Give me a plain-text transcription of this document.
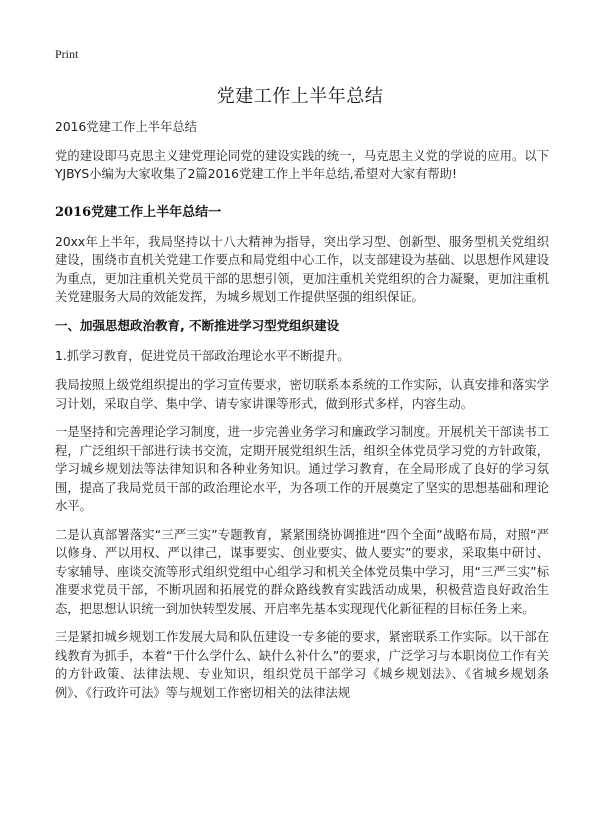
Print
党建工作上半年总结

2016党建工作上半年总结

党的建设即马克思主义建党理论同党的建设实践的统一，马克思主义党的学说的应用。以下YJBYS小编为大家收集了2篇2016党建工作上半年总结,希望对大家有帮助!

2016党建工作上半年总结一

20xx年上半年，我局坚持以十八大精神为指导，突出学习型、创新型、服务型机关党组织建设，围绕市直机关党建工作要点和局党组中心工作，以支部建设为基础、以思想作风建设为重点，更加注重机关党员干部的思想引领，更加注重机关党组织的合力凝聚，更加注重机关党建服务大局的效能发挥，为城乡规划工作提供坚强的组织保证。

一、加强思想政治教育, 不断推进学习型党组织建设

1.抓学习教育，促进党员干部政治理论水平不断提升。

我局按照上级党组织提出的学习宣传要求，密切联系本系统的工作实际，认真安排和落实学习计划，采取自学、集中学、请专家讲课等形式，做到形式多样，内容生动。

一是坚持和完善理论学习制度，进一步完善业务学习和廉政学习制度。开展机关干部读书工程，广泛组织干部进行读书交流，定期开展党组织生活，组织全体党员学习党的方针政策，学习城乡规划法等法律知识和各种业务知识。通过学习教育，在全局形成了良好的学习氛围，提高了我局党员干部的政治理论水平，为各项工作的开展奠定了坚实的思想基础和理论水平。

二是认真部署落实“三严三实”专题教育，紧紧围绕协调推进“四个全面”战略布局，对照“严以修身、严以用权、严以律己，谋事要实、创业要实、做人要实”的要求，采取集中研讨、专家辅导、座谈交流等形式组织党组中心组学习和机关全体党员集中学习，用“三严三实”标准要求党员干部，不断巩固和拓展党的群众路线教育实践活动成果，积极营造良好政治生态，把思想认识统一到加快转型发展、开启率先基本实现现代化新征程的目标任务上来。

三是紧扣城乡规划工作发展大局和队伍建设一专多能的要求，紧密联系工作实际。以干部在线教育为抓手，本着“干什么学什么、缺什么补什么”的要求，广泛学习与本职岗位工作有关的方针政策、法律法规、专业知识，组织党员干部学习《城乡规划法》、《省城乡规划条例》、《行政许可法》等与规划工作密切相关的法律法规
